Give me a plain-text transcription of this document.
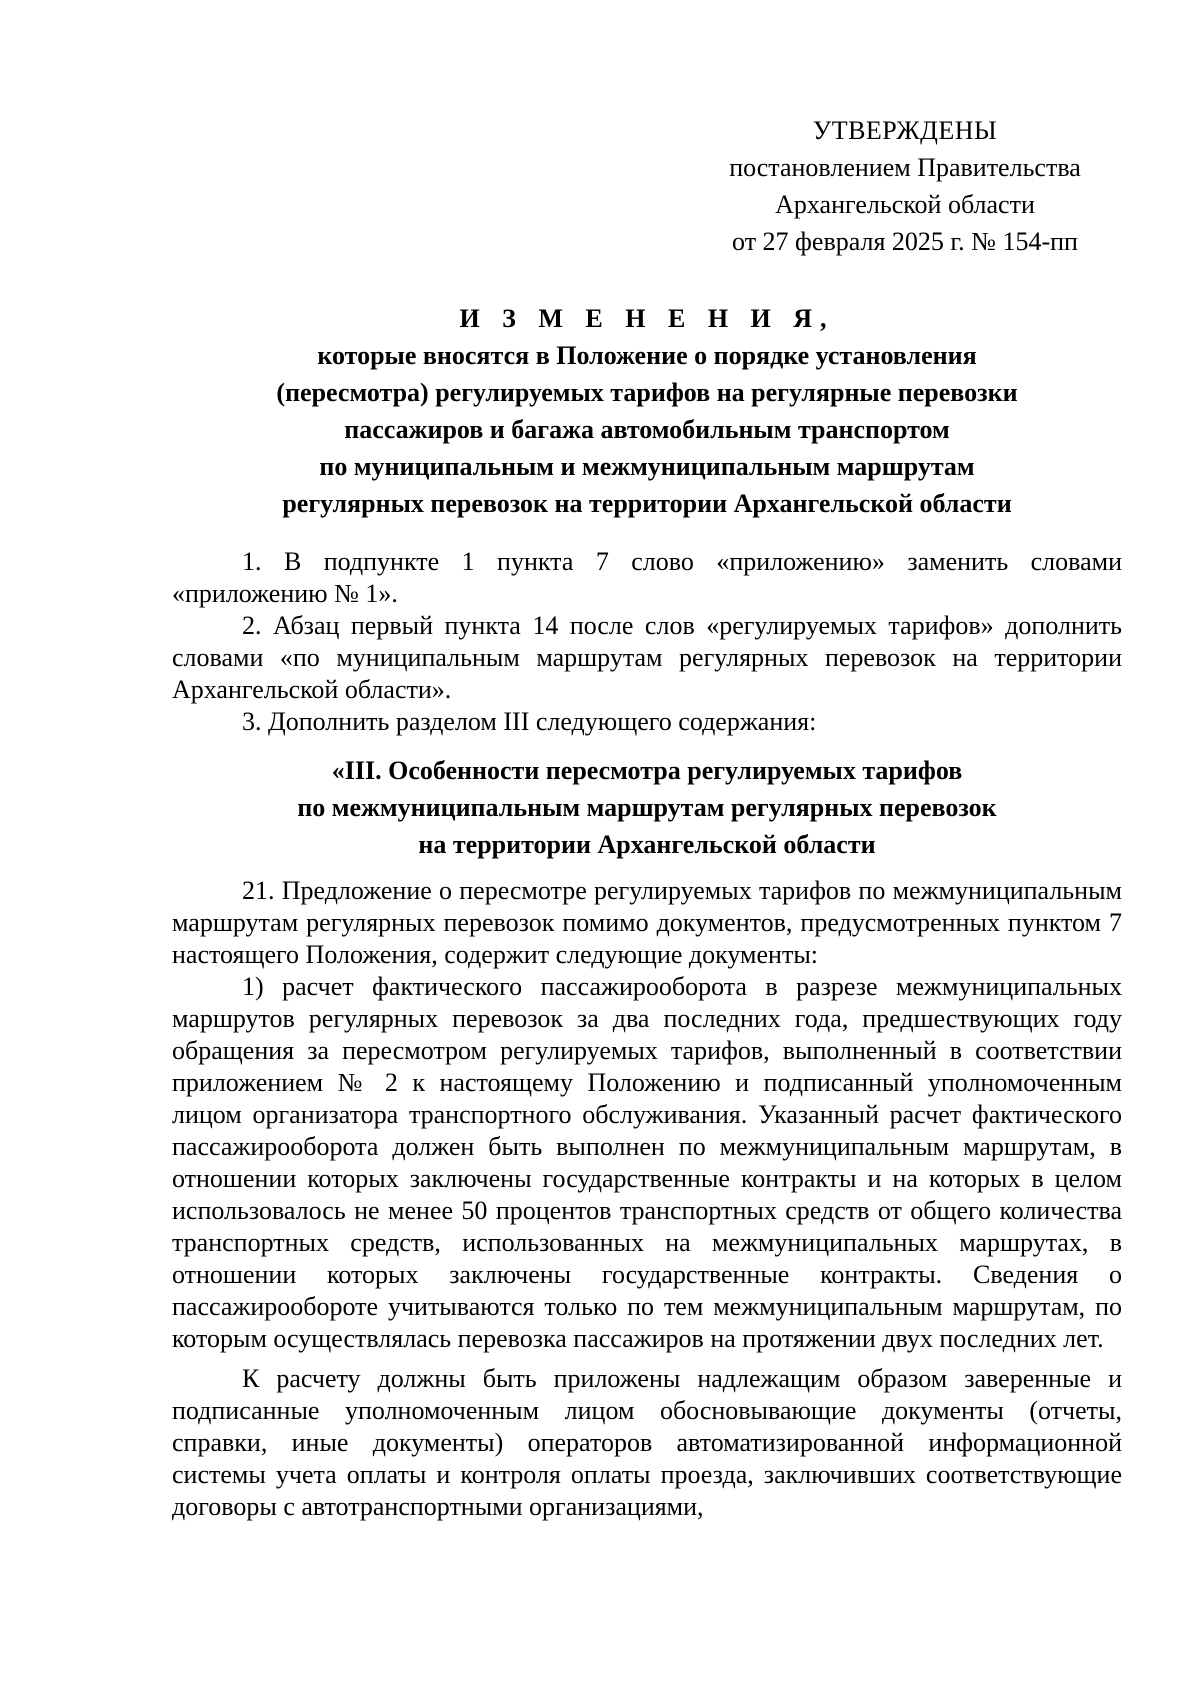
УТВЕРЖДЕНЫ
постановлением Правительства
Архангельской области
от 27 февраля 2025 г. № 154-пп
И З М Е Н Е Н И Я,
которые вносятся в Положение о порядке установления
(пересмотра) регулируемых тарифов на регулярные перевозки
пассажиров и багажа автомобильным транспортом
по муниципальным и межмуниципальным маршрутам
регулярных перевозок на территории Архангельской области

1. В подпункте 1 пункта 7 слово «приложению» заменить словами «приложению № 1».

2. Абзац первый пункта 14 после слов «регулируемых тарифов» дополнить словами «по муниципальным маршрутам регулярных перевозок на территории Архангельской области».

3. Дополнить разделом III следующего содержания:

«III. Особенности пересмотра регулируемых тарифов
по межмуниципальным маршрутам регулярных перевозок
на территории Архангельской области

21. Предложение о пересмотре регулируемых тарифов по межмуниципальным маршрутам регулярных перевозок помимо документов, предусмотренных пунктом 7 настоящего Положения, содержит следующие документы:

1) расчет фактического пассажирооборота в разрезе межмуниципальных маршрутов регулярных перевозок за два последних года, предшествующих году обращения за пересмотром регулируемых тарифов, выполненный в соответствии приложением № 2 к настоящему Положению и подписанный уполномоченным лицом организатора транспортного обслуживания. Указанный расчет фактического пассажирооборота должен быть выполнен по межмуниципальным маршрутам, в отношении которых заключены государственные контракты и на которых в целом использовалось не менее 50 процентов транспортных средств от общего количества транспортных средств, использованных на межмуниципальных маршрутах, в отношении которых заключены государственные контракты. Сведения о пассажирообороте учитываются только по тем межмуниципальным маршрутам, по которым осуществлялась перевозка пассажиров на протяжении двух последних лет.

К расчету должны быть приложены надлежащим образом заверенные и подписанные уполномоченным лицом обосновывающие документы (отчеты, справки, иные документы) операторов автоматизированной информационной системы учета оплаты и контроля оплаты проезда, заключивших соответствующие договоры с автотранспортными организациями,
